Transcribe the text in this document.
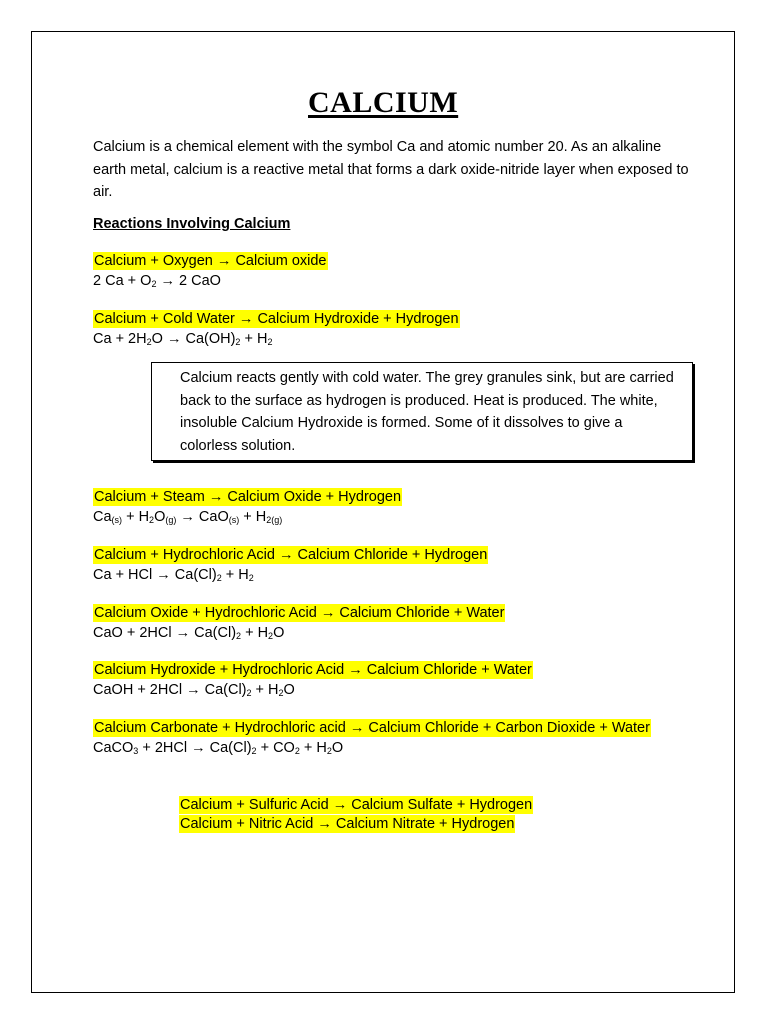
CALCIUM

Calcium is a chemical element with the symbol Ca and atomic number 20. As an alkaline earth metal, calcium is a reactive metal that forms a dark oxide-nitride layer when exposed to air.

Reactions Involving Calcium
Calcium + Oxygen → Calcium oxide
2 $Ca + O_2 \to 2$ CaO
Calcium + Cold Water → Calcium Hydroxide + Hydrogen
$Ca + 2H_2O \to Ca(OH)_2 + H_2$

Calcium reacts gently with cold water. The grey granules sink, but are carried back to the surface as hydrogen is produced. Heat is produced. The white, insoluble Calcium Hydroxide is formed. Some of it dissolves to give a colorless solution.

Calcium + Steam → Calcium Oxide + Hydrogen
$Ca_{(s)} + H_2O_{(g)} \to CaO_{(s)} + H_{2(g)}$
Calcium + Hydrochloric Acid → Calcium Chloride + Hydrogen
Ca + HCl → $Ca(Cl)_2 + H_2$
Calcium Oxide + Hydrochloric Acid → Calcium Chloride + Water
CaO + $2HCl \to Ca(Cl)_2 + H_2O$
Calcium Hydroxide + Hydrochloric Acid → Calcium Chloride + Water
CaOH + $2HCl \to Ca(Cl)_2 + H_2O$
Calcium Carbonate + Hydrochloric acid → Calcium Chloride + Carbon Dioxide + Water
CaCO$_3$ + $2HCl \to Ca(Cl)_2 + CO_2 + H_2O$
Calcium + Sulfuric Acid → Calcium Sulfate + Hydrogen
Calcium + Nitric Acid → Calcium Nitrate + Hydrogen
